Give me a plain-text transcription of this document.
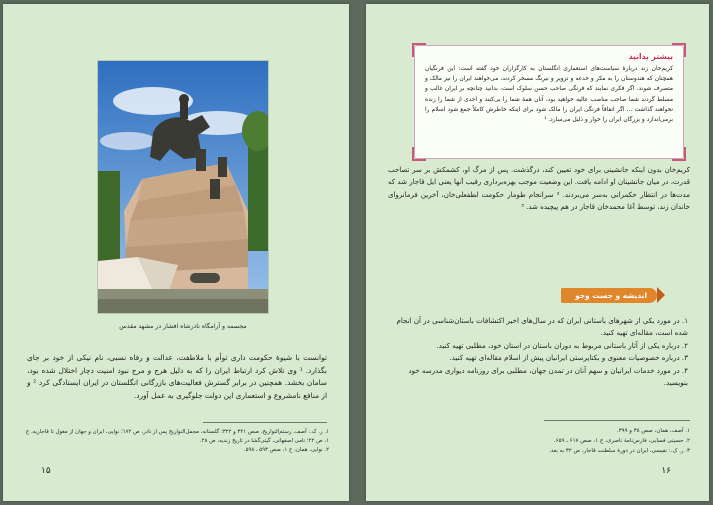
مجسمه و آرامگاه نادرشاه افشار در مشهد مقدس
توانست با شیوهٔ حکومت داری توأم با ملاطفت، عدالت و رفاه نسبی، نام نیکی از خود بر جای بگذارد. ¹ وی تلاش کرد ارتباط ایران را که به دلیل هرج و مرج نبود امنیت دچار اختلال شده بود، سامان بخشد. همچنین در برابر گسترش فعالیت‌های بازرگانی انگلستان در ایران ایستادگی کرد ² و از منافع نامشروع و استعماری این دولت جلوگیری به عمل آورد.
۱. ر. ک.: آصف، رستم‌التواریخ، صص ۳۲۱ و ۳۲۲؛ گلستانه، مجمل‌التواریخ پس از نادر، ص ۱۷۲؛ نوایی، ایران و جهان از مغول تا قاجاریه، ج ۱، ص ۲۲؛ نامی اصفهانی، گیتی‌گشا در تاریخ زندیه، ص ۲۸.
۲. نوایی، همان، ج ۱، صص ۵۹۳ ـ ۵۹۸.
۱۵
بیشتر بدانید
کریم‌خان زند دربارهٔ سیاست‌های استعماری انگلستان به کارگزاران خود گفته است: این فرنگیان همچنان که هندوستان را به مکر و خدعه و تزویر و نیرنگ مسخر کردند، می‌خواهند ایران را نیز مالک و متصرف شوند. اگر فکری نمایند که فرنگی صاحب حسن سلوک است، بدانید چنانچه بر ایران غالب و مسلط گردند شما صاحب مناصب عالیه خواهید بود، آنان همهٔ شما را بی‌کنند و احدی از شما را زنده نخواهند گذاشت ... اگر اتفاقاً فرنگی ایران را مالک شود برای اینکه خاطرش کاملاً جمع شود اسلام را برمی‌اندازد و بزرگان ایران را خوار و ذلیل می‌سازد. ¹
کریم‌خان بدون اینکه جانشینی برای خود تعیین کند، درگذشت. پس از مرگ او، کشمکش بر سر تصاحب قدرت، در میان جانشینان او ادامه یافت. این وضعیت موجب بهره‌برداری رقیب آنها یعنی ایل قاجار شد که مدت‌ها در انتظار حکمرانی به‌سر می‌بردند. ² سرانجام طومار حکومت لطفعلی‌خان، آخرین فرمانروای خاندان زند، توسط آغا محمدخان قاجار در هم پیچیده شد. ³
اندیشه و جست وجو
۱. در مورد یکی از شهرهای باستانی ایران که در سال‌های اخیر اکتشافات باستان‌شناسی در آن انجام شده است، مقاله‌ای تهیه کنید.
۲. درباره یکی از آثار باستانی مربوط به دوران باستان در استان خود، مطلبی تهیه کنید.
۳. درباره خصوصیات معنوی و بکتاپرستی ایرانیان پیش از اسلام مقاله‌ای تهیه کنید.
۴. در مورد خدمات ایرانیان و سهم آنان در تمدن جهان، مطلبی برای روزنامه دیواری مدرسه خود بنویسید.
۱. آصف، همان، صص ۳۸ و ۳۹۹.
۲. حسینی فسایی، فارس‌نامهٔ ناصری، ج ۱، صص ۶۱۷ ـ ۶۵۹.
۳. ر. ک.: نفیسی، ایران در دورهٔ سلطنت قاجار، ص ۳۲ به بعد.
۱۶
